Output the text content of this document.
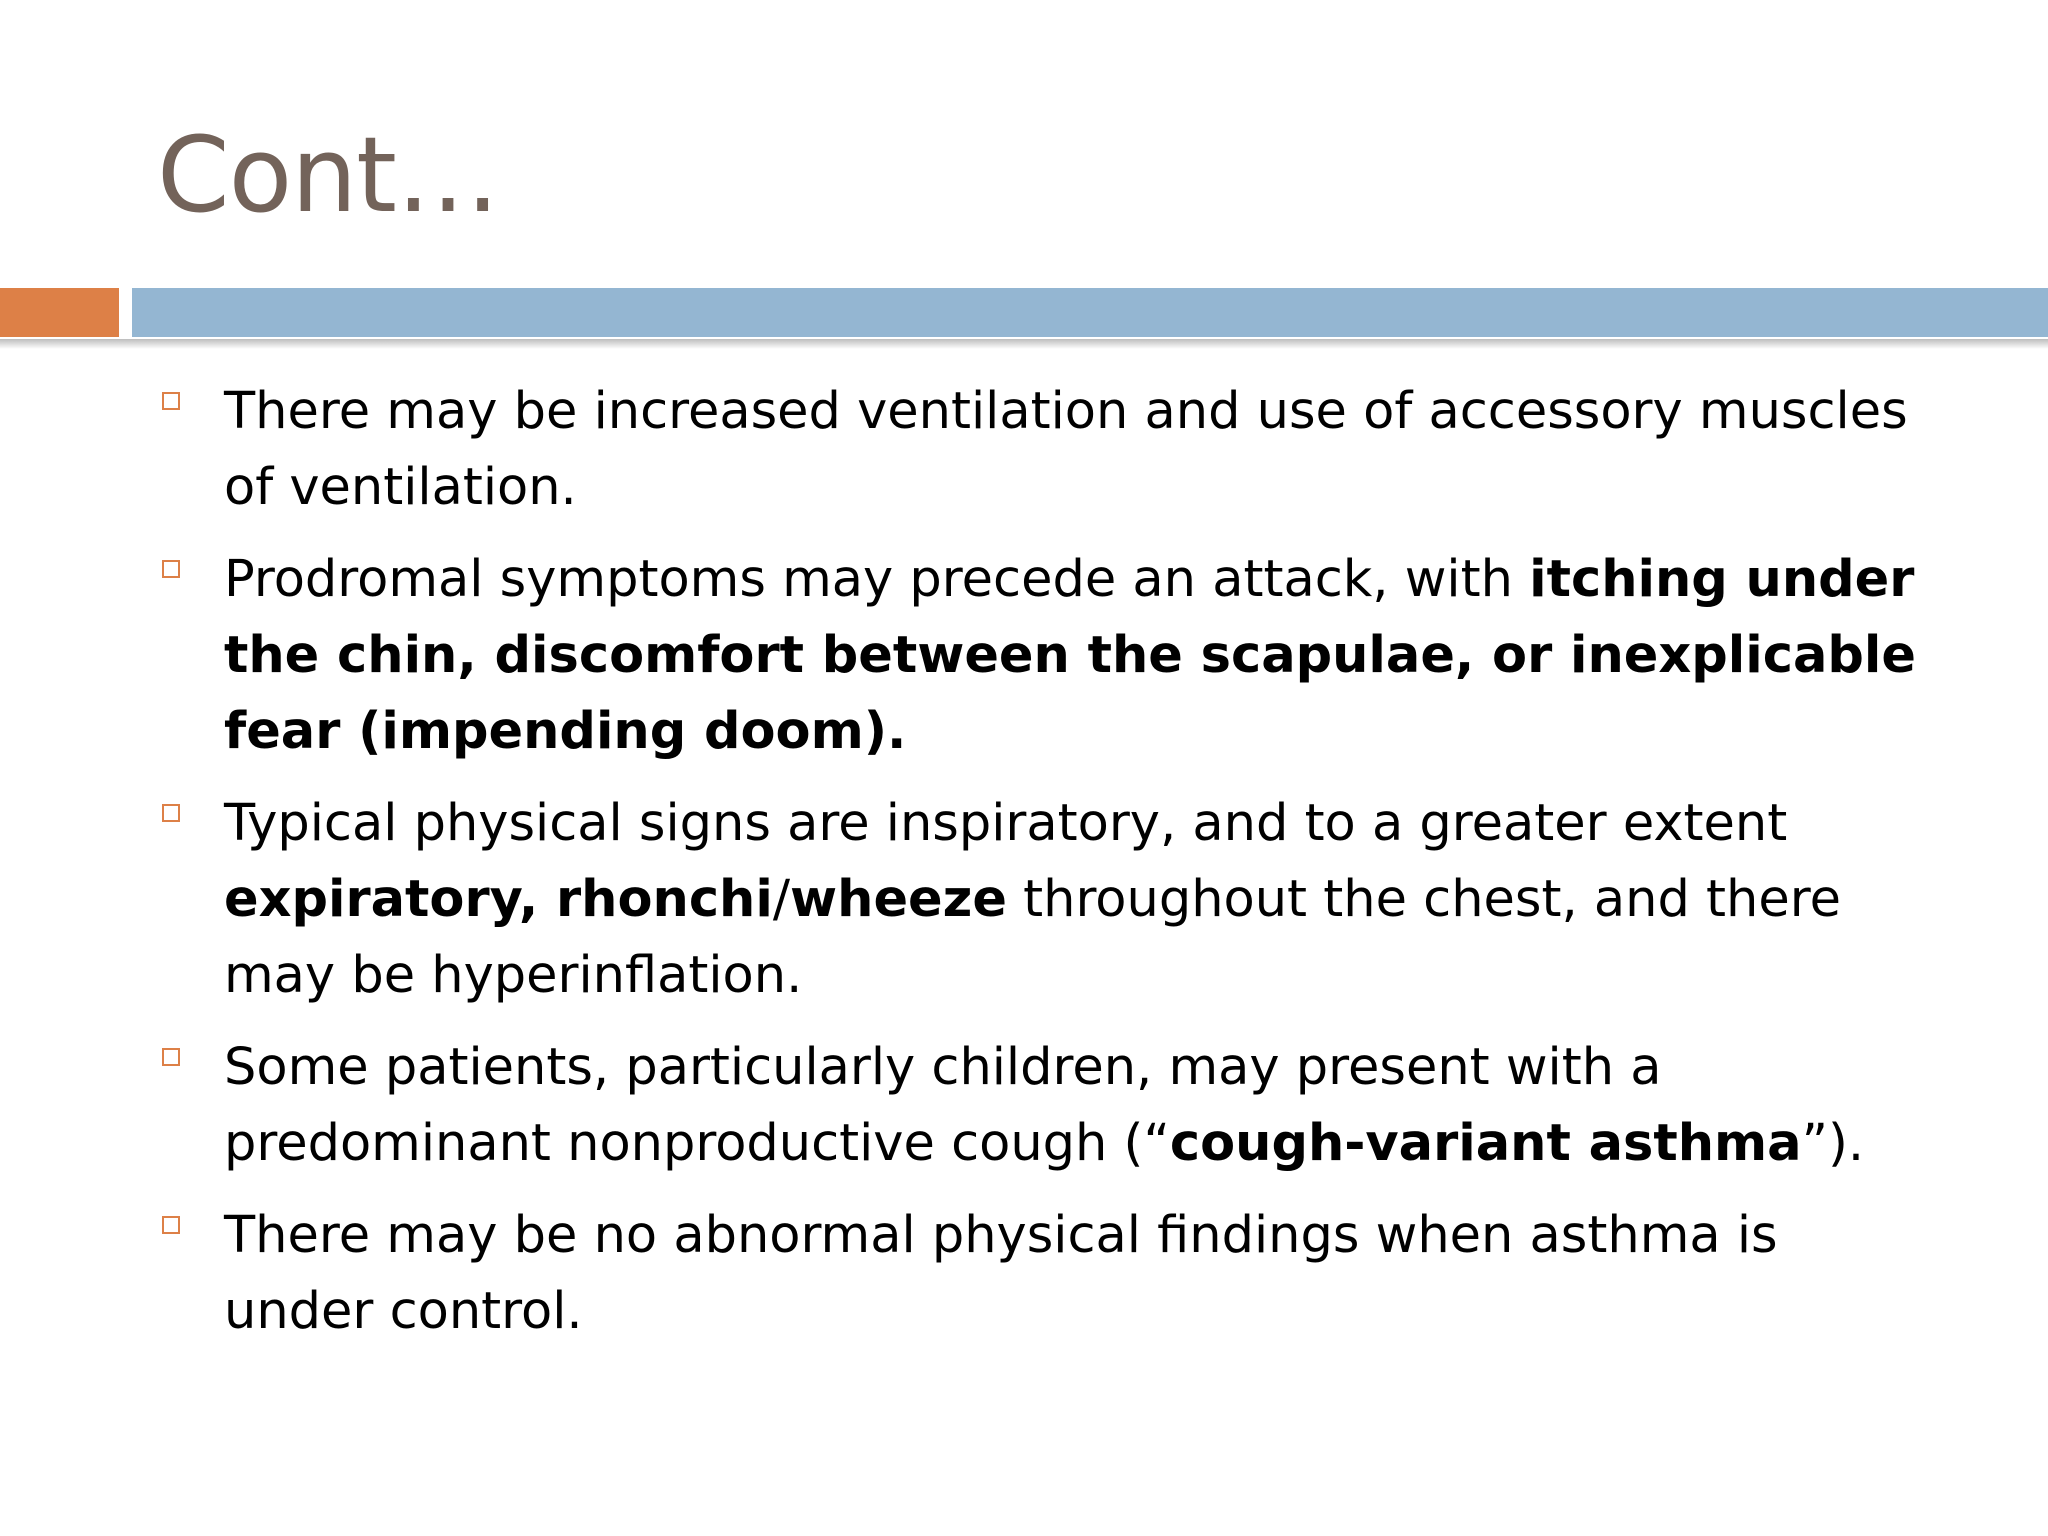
Cont…
There may be increased ventilation and use of accessory muscles of ventilation.
Prodromal symptoms may precede an attack, with itching under the chin, discomfort between the scapulae, or inexplicable fear (impending doom).
Typical physical signs are inspiratory, and to a greater extent expiratory, rhonchi/wheeze throughout the chest, and there may be hyperinflation.
Some patients, particularly children, may present with a predominant nonproductive cough (“cough-variant asthma”).
There may be no abnormal physical findings when asthma is under control.
